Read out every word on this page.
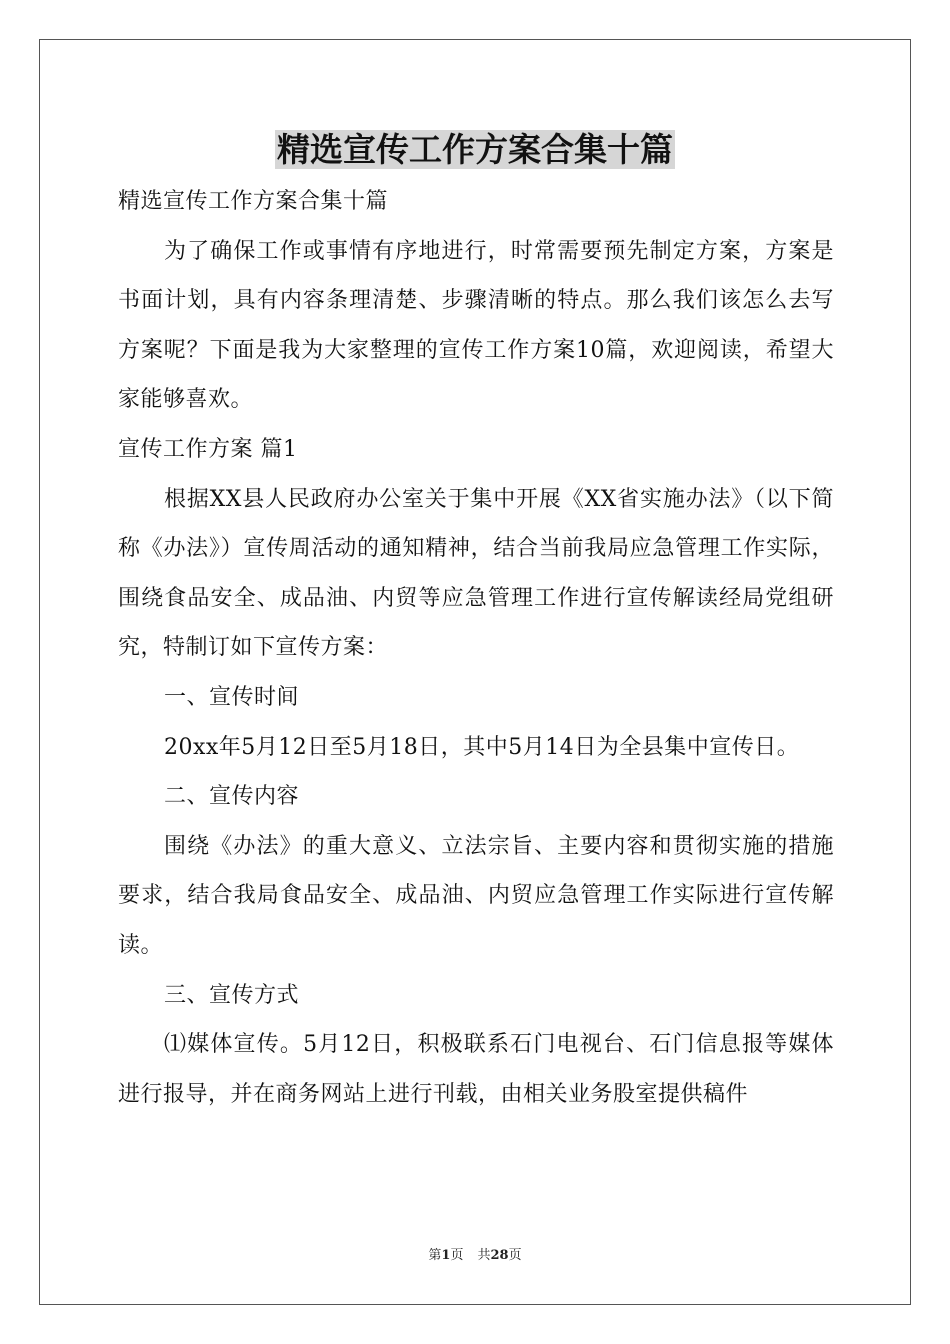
精选宣传工作方案合集十篇

精选宣传工作方案合集十篇

为了确保工作或事情有序地进行，时常需要预先制定方案，方案是书面计划，具有内容条理清楚、步骤清晰的特点。那么我们该怎么去写方案呢？下面是我为大家整理的宣传工作方案10篇，欢迎阅读，希望大家能够喜欢。

宣传工作方案 篇1

根据XX县人民政府办公室关于集中开展《XX省实施办法》（以下简称《办法》）宣传周活动的通知精神，结合当前我局应急管理工作实际，围绕食品安全、成品油、内贸等应急管理工作进行宣传解读经局党组研究，特制订如下宣传方案：

一、宣传时间

20xx年5月12日至5月18日，其中5月14日为全县集中宣传日。

二、宣传内容

围绕《办法》的重大意义、立法宗旨、主要内容和贯彻实施的措施要求，结合我局食品安全、成品油、内贸应急管理工作实际进行宣传解读。

三、宣传方式

⑴媒体宣传。5月12日，积极联系石门电视台、石门信息报等媒体进行报导，并在商务网站上进行刊载，由相关业务股室提供稿件

第1页 共28页
